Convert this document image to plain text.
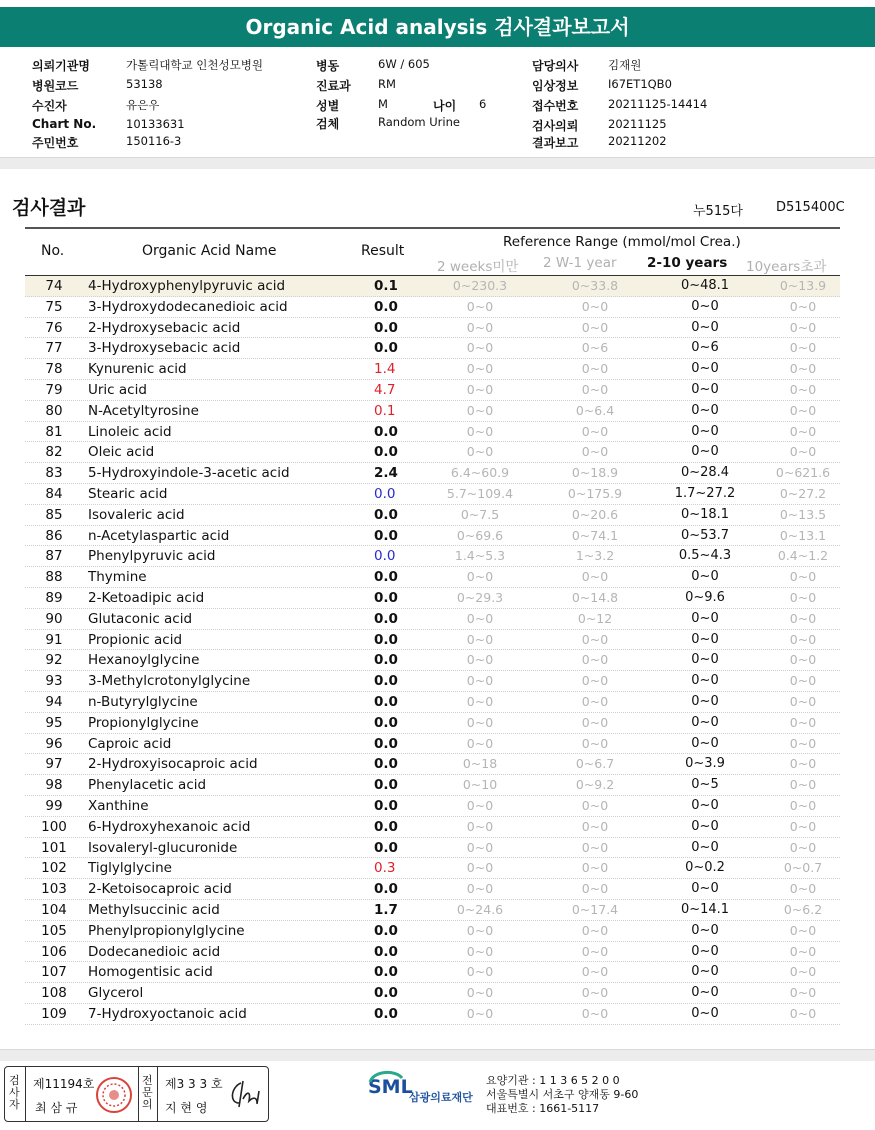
Organic Acid analysis 검사결과보고서
의뢰기관명	가톨릭대학교 인천성모병원
병원코드	53138
수진자	유은우
Chart No.	10133631
주민번호	150116-3
병동	6W / 605
진료과 RM
성별	M	나이 6
검체	Random Urine
담당의사	김재원
임상정보	I67ET1QB0
접수번호	20211125-14414
검사의뢰	20211125
결과보고	20211202
검사결과	누515다	D515400C
No.	Organic Acid Name	Result
Reference Range (mmol/mol Crea.)
2 weeks미만 2 W-1 year 2-10 years 10years초과
74	4-Hydroxyphenylpyruvic acid	0.1	0~230.3	0~33.8	0~48.1	0~13.9
75	3-Hydroxydodecanedioic acid	0.0	0~0	0~0	0~0	0~0
76	2-Hydroxysebacic acid	0.0	0~0	0~0	0~0	0~0
77	3-Hydroxysebacic acid	0.0	0~0	0~6	0~6	0~0
78	Kynurenic acid	1.4	0~0	0~0	0~0	0~0
79	Uric acid	4.7	0~0	0~0	0~0	0~0
80	N-Acetyltyrosine	0.1	0~0	0~6.4	0~0	0~0
81	Linoleic acid	0.0	0~0	0~0	0~0	0~0
82	Oleic acid	0.0	0~0	0~0	0~0	0~0
83	5-Hydroxyindole-3-acetic acid	2.4	6.4~60.9	0~18.9	0~28.4	0~621.6
84	Stearic acid	0.0	5.7~109.4	0~175.9	1.7~27.2	0~27.2
85	Isovaleric acid	0.0	0~7.5	0~20.6	0~18.1	0~13.5
86	n-Acetylaspartic acid	0.0	0~69.6	0~74.1	0~53.7	0~13.1
87	Phenylpyruvic acid	0.0	1.4~5.3	1~3.2	0.5~4.3	0.4~1.2
88	Thymine	0.0	0~0	0~0	0~0	0~0
89	2-Ketoadipic acid	0.0	0~29.3	0~14.8	0~9.6	0~0
90	Glutaconic acid	0.0	0~0	0~12	0~0	0~0
91	Propionic acid	0.0	0~0	0~0	0~0	0~0
92	Hexanoylglycine	0.0	0~0	0~0	0~0	0~0
93	3-Methylcrotonylglycine	0.0	0~0	0~0	0~0	0~0
94	n-Butyrylglycine	0.0	0~0	0~0	0~0	0~0
95	Propionylglycine	0.0	0~0	0~0	0~0	0~0
96	Caproic acid	0.0	0~0	0~0	0~0	0~0
97	2-Hydroxyisocaproic acid	0.0	0~18	0~6.7	0~3.9	0~0
98	Phenylacetic acid	0.0	0~10	0~9.2	0~5	0~0
99	Xanthine	0.0	0~0	0~0	0~0	0~0
100	6-Hydroxyhexanoic acid	0.0	0~0	0~0	0~0	0~0
101	Isovaleryl-glucuronide	0.0	0~0	0~0	0~0	0~0
102	Tiglylglycine	0.3	0~0	0~0	0~0.2	0~0.7
103	2-Ketoisocaproic acid	0.0	0~0	0~0	0~0	0~0
104	Methylsuccinic acid	1.7	0~24.6	0~17.4	0~14.1	0~6.2
105	Phenylpropionylglycine	0.0	0~0	0~0	0~0	0~0
106	Dodecanedioic acid	0.0	0~0	0~0	0~0	0~0
107	Homogentisic acid	0.0	0~0	0~0	0~0	0~0
108	Glycerol	0.0	0~0	0~0	0~0	0~0
109	7-Hydroxyoctanoic acid	0.0	0~0	0~0	0~0	0~0
검
사
자
제11194호
최 삼 규
전
문
의
제3 3 3 호
지 현 영
SML
삼광의료재단
요양기관 : 1 1 3 6 5 2 0 0
서울특별시 서초구 양재동 9-60
대표번호 : 1661-5117
